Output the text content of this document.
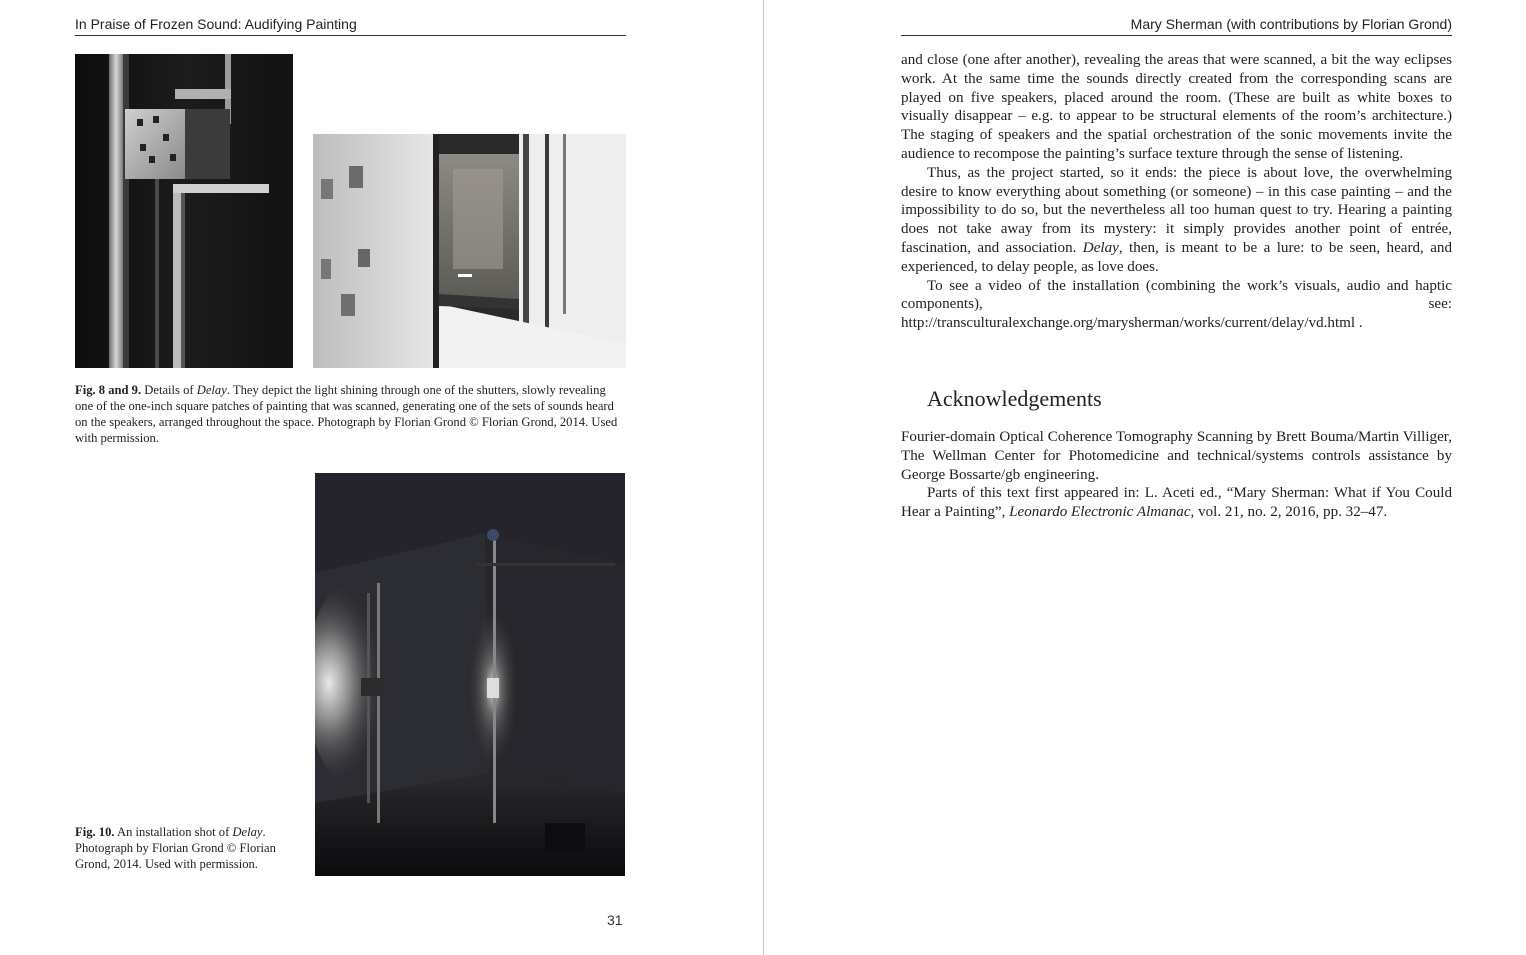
In Praise of Frozen Sound: Audifying Painting
Fig. 8 and 9. Details of Delay. They depict the light shining through one of the shutters, slowly revealing one of the one-inch square patches of painting that was scanned, generating one of the sets of sounds heard on the speakers, arranged throughout the space. Photograph by Florian Grond © Florian Grond, 2014. Used with permission.
Fig. 10. An installation shot of Delay. Photograph by Florian Grond © Florian Grond, 2014. Used with permission.
31
Mary Sherman (with contributions by Florian Grond)

and close (one after another), revealing the areas that were scanned, a bit the way eclipses work. At the same time the sounds directly created from the corresponding scans are played on five speakers, placed around the room. (These are built as white boxes to visually disappear – e.g. to appear to be structural elements of the room’s architecture.) The staging of speakers and the spatial orchestration of the sonic movements invite the audience to recompose the painting’s surface texture through the sense of listening.

Thus, as the project started, so it ends: the piece is about love, the overwhelming desire to know everything about something (or someone) – in this case painting – and the impossibility to do so, but the nevertheless all too human quest to try. Hearing a painting does not take away from its mystery: it simply provides another point of entrée, fascination, and association. Delay, then, is meant to be a lure: to be seen, heard, and experienced, to delay people, as love does.

To see a video of the installation (combining the work’s visuals, audio and haptic components), see: http://transculturalexchange.org/marysherman/works/current/delay/vd.html .

Acknowledgements

Fourier-domain Optical Coherence Tomography Scanning by Brett Bouma/Martin Villiger, The Wellman Center for Photomedicine and technical/systems controls assistance by George Bossarte/gb engineering.

Parts of this text first appeared in: L. Aceti ed., “Mary Sherman: What if You Could Hear a Painting”, Leonardo Electronic Almanac, vol. 21, no. 2, 2016, pp. 32–47.
